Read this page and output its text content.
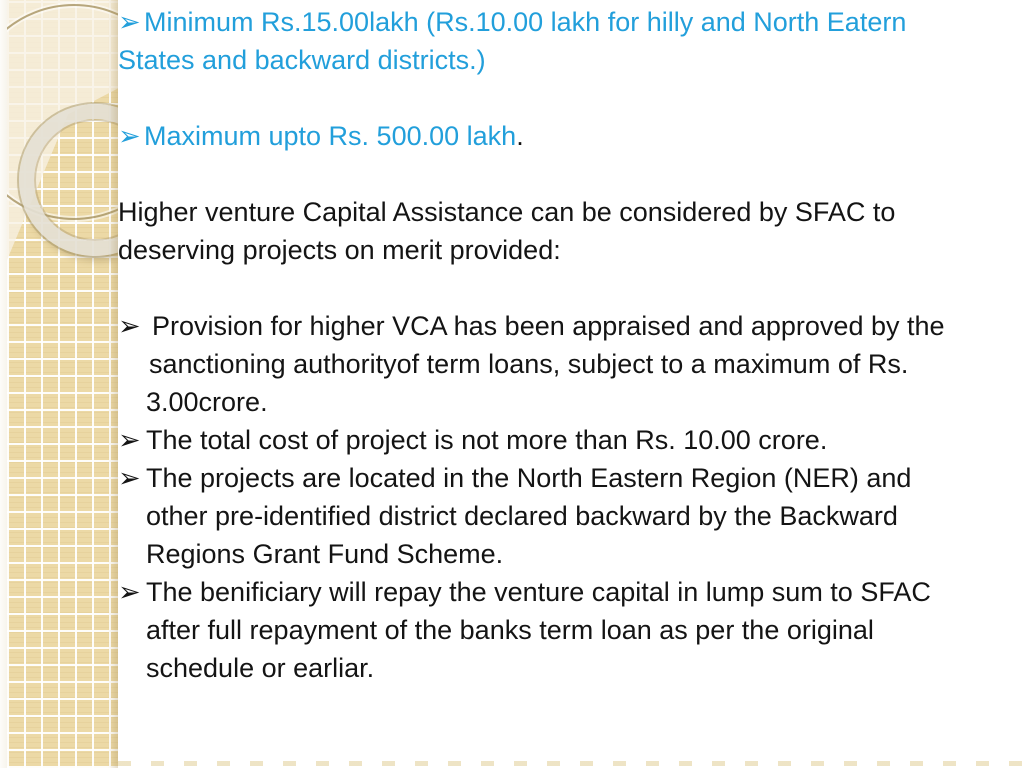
➢ Minimum Rs.15.00lakh (Rs.10.00 lakh for hilly and North Eatern
States and backward districts.)
➢ Maximum upto Rs. 500.00 lakh.
Higher venture Capital Assistance can be considered by SFAC to
deserving projects on merit provided:
➢ Provision for higher VCA has been appraised and approved by the
sanctioning authorityof term loans, subject to a maximum of Rs.
3.00crore.
➢ The total cost of project is not more than Rs. 10.00 crore.
➢ The projects are located in the North Eastern Region (NER) and
other pre-identified district declared backward by the Backward
Regions Grant Fund Scheme.
➢ The benificiary will repay the venture capital in lump sum to SFAC
after full repayment of the banks term loan as per the original
schedule or earliar.
